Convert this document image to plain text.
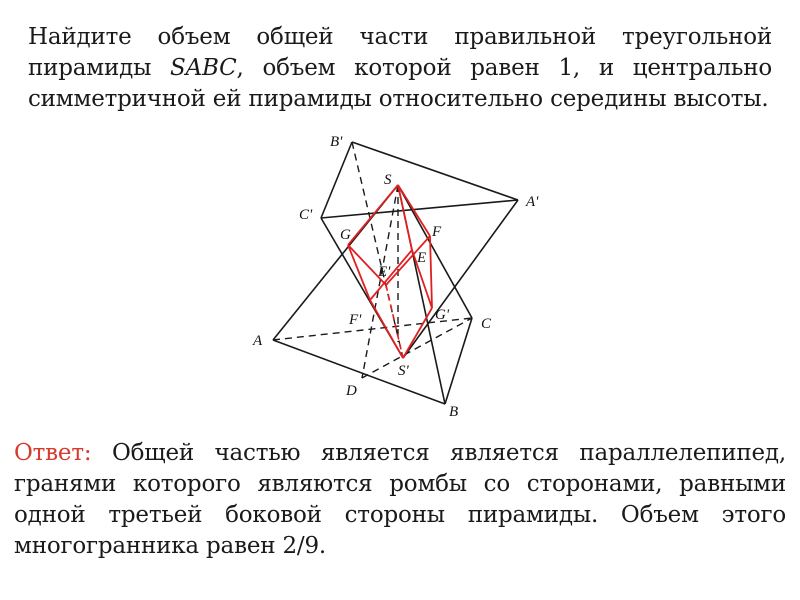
Найдите объем общей части правильной треугольной пирамиды SABC, объем которой равен 1, и центрально симметричной ей пирамиды относительно середины высоты.
B'
A'
C'
S
G	F
E
E'
F'	G'
C
A
S'
D
B
Ответ: Общей частью является является параллелепипед, гранями которого являются ромбы со сторонами, равными одной третьей боковой стороны пирамиды. Объем этого многогранника равен 2/9.
